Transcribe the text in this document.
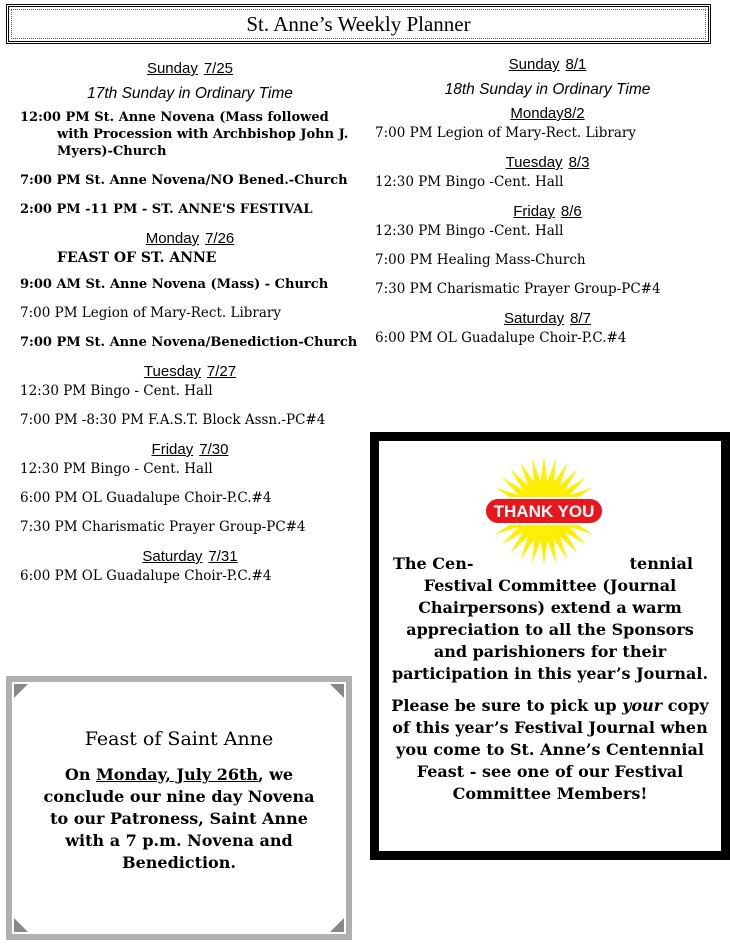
St. Anne’s Weekly Planner
Sunday 7/25
17th Sunday in Ordinary Time

12:00 PM St. Anne Novena (Mass followed with Procession with Archbishop John J. Myers)-Church

7:00 PM St. Anne Novena/NO Bened.-Church

2:00 PM -11 PM - ST. ANNE'S FESTIVAL

Monday 7/26
FEAST OF ST. ANNE

9:00 AM St. Anne Novena (Mass) - Church

7:00 PM Legion of Mary-Rect. Library

7:00 PM St. Anne Novena/Benediction-Church

Tuesday 7/27

12:30 PM Bingo - Cent. Hall

7:00 PM -8:30 PM F.A.S.T. Block Assn.-PC#4

Friday 7/30

12:30 PM Bingo - Cent. Hall

6:00 PM OL Guadalupe Choir-P.C.#4

7:30 PM Charismatic Prayer Group-PC#4

Saturday 7/31

6:00 PM OL Guadalupe Choir-P.C.#4

Sunday 8/1
18th Sunday in Ordinary Time
Monday8/2

7:00 PM Legion of Mary-Rect. Library

Tuesday 8/3

12:30 PM Bingo -Cent. Hall

Friday 8/6

12:30 PM Bingo -Cent. Hall

7:00 PM Healing Mass-Church

7:30 PM Charismatic Prayer Group-PC#4

Saturday 8/7

6:00 PM OL Guadalupe Choir-P.C.#4

Feast of Saint Anne
On Monday, July 26th, we conclude our nine day Novena to our Patroness, Saint Anne with a 7 p.m. Novena and Benediction.
THANK YOU

The Cen-	tennial
Festival Committee (Journal Chairpersons) extend a warm appreciation to all the Sponsors and parishioners for their participation in this year’s Journal.

Please be sure to pick up your copy of this year’s Festival Journal when you come to St. Anne’s Centennial Feast - see one of our Festival Committee Members!
